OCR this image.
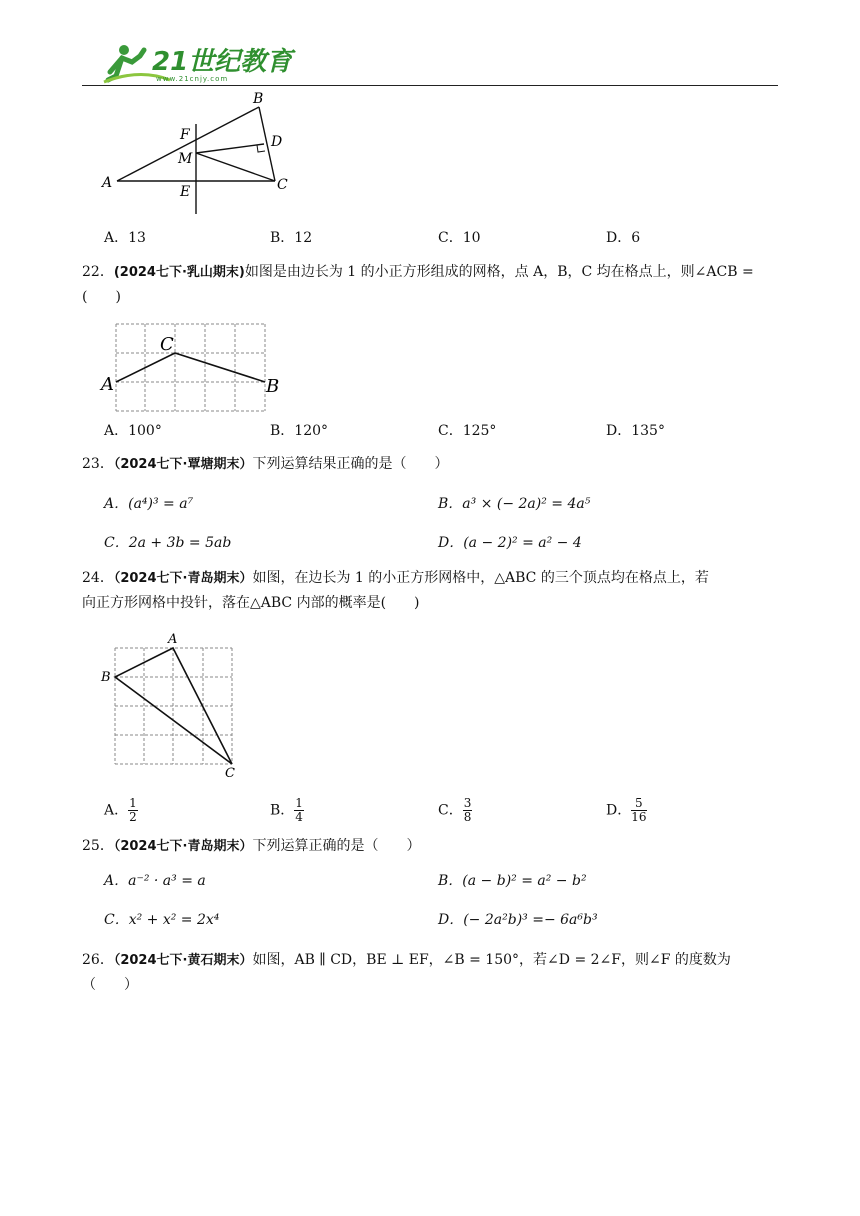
21世纪教育
www.21cnjy.com
B
F	D
M
A
E	C
A．13	B．12	C．10	D．6
22．(2024七下·乳山期末)如图是由边长为 1 的小正方形组成的网格，点 A，B，C 均在格点上，则∠ACB =
(　　)
C
A	B
A．100°	B．120°	C．125°	D．135°
23．（2024七下·覃塘期末）下列运算结果正确的是（　　）
A．(a⁴)³ = a⁷	B．a³ × (− 2a)² = 4a⁵
C．2a + 3b = 5ab	D．(a − 2)² = a² − 4
24．（2024七下·青岛期末）如图，在边长为 1 的小正方形网格中，△ABC 的三个顶点均在格点上，若
向正方形网格中投针，落在△ABC 内部的概率是(　　)
A
B
C
A． $\frac{1}{2}$	B． $\frac{1}{4}$	C． $\frac{3}{8}$	D． $\frac{5}{16}$
25．（2024七下·青岛期末）下列运算正确的是（　　）
A．a⁻² · a³ = a	B．(a − b)² = a² − b²
C．x² + x² = 2x⁴	D．(− 2a²b)³ =− 6a⁶b³
26．（2024七下·黄石期末）如图，AB ∥ CD，BE ⊥ EF，∠B = 150°，若∠D = 2∠F，则∠F 的度数为
（　　）
